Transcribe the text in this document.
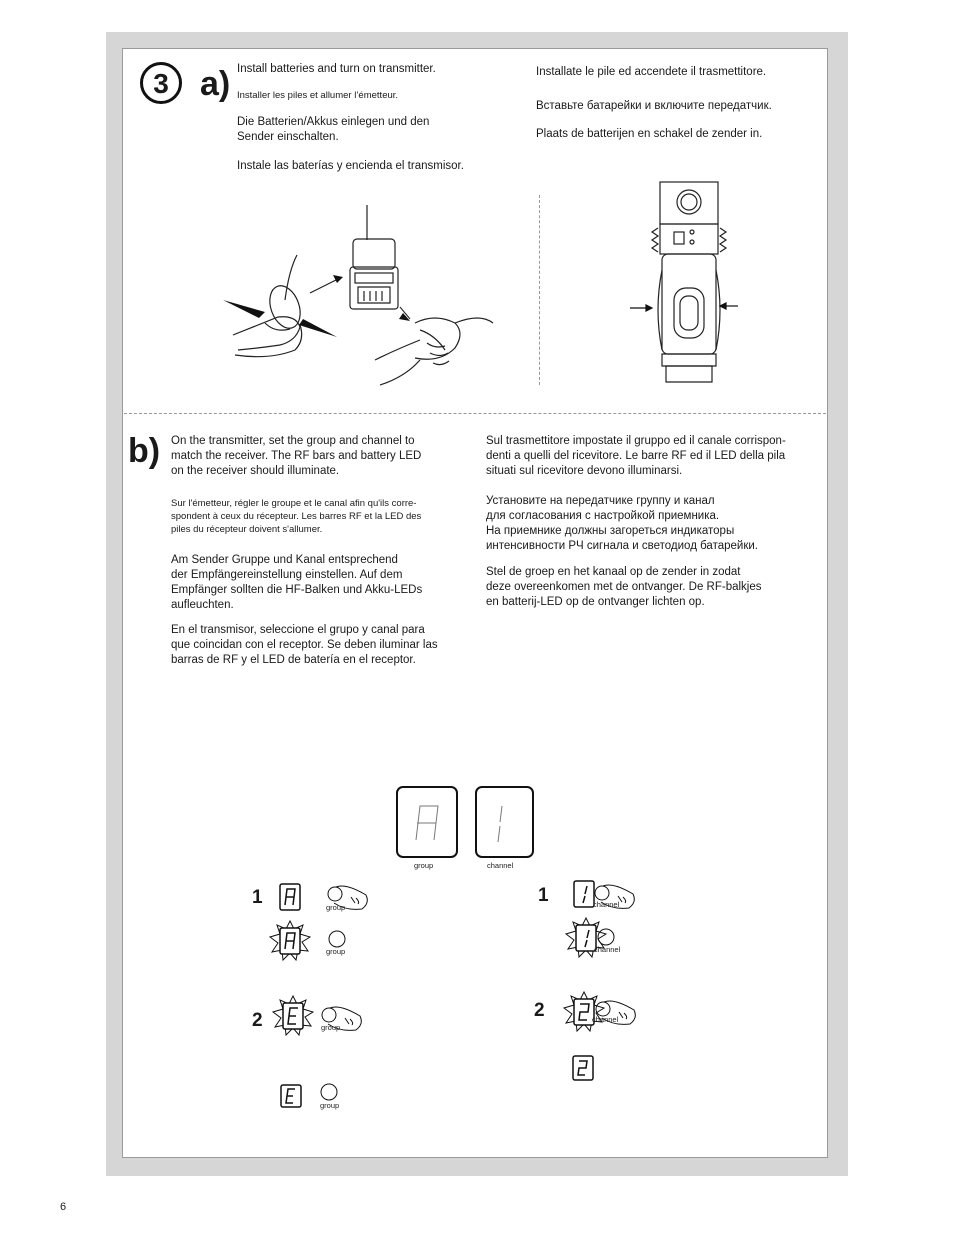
3 a) Install batteries and turn on transmitter.
Installer les piles et allumer l’émetteur.
Die Batterien/Akkus einlegen und den
Sender einschalten.
Instale las baterías y encienda el transmisor.
Installate le pile ed accendete il trasmettitore.
Вставьте батарейки и включите передатчик.
Plaats de batterijen en schakel de zender in.
b) On the transmitter, set the group and channel to
match the receiver. The RF bars and battery LED
on the receiver should illuminate.
Sur l'émetteur, régler le groupe et le canal afin qu'ils corre-
spondent à ceux du récepteur. Les barres RF et la LED des
piles du récepteur doivent s'allumer.
Am Sender Gruppe und Kanal entsprechend
der Empfängereinstellung einstellen. Auf dem
Empfänger sollten die HF-Balken und Akku-LEDs
aufleuchten.
En el transmisor, seleccione el grupo y canal para
que coincidan con el receptor. Se deben iluminar las
barras de RF y el LED de batería en el receptor.
Sul trasmettitore impostate il gruppo ed il canale corrispon-
denti a quelli del ricevitore. Le barre RF ed il LED della pila
situati sul ricevitore devono illuminarsi.
Установите на передатчике группу и канал
для согласования с настройкой приемника.
На приемнике должны загореться индикаторы
интенсивности РЧ сигнала и светодиод батарейки.
Stel de groep en het kanaal op de zender in zodat
deze overeenkomen met de ontvanger. De RF-balkjes
en batterij-LED op de ontvanger lichten op.
group	channel
1	group
group
2	group
group
1	channel
channel
2	channel
6
